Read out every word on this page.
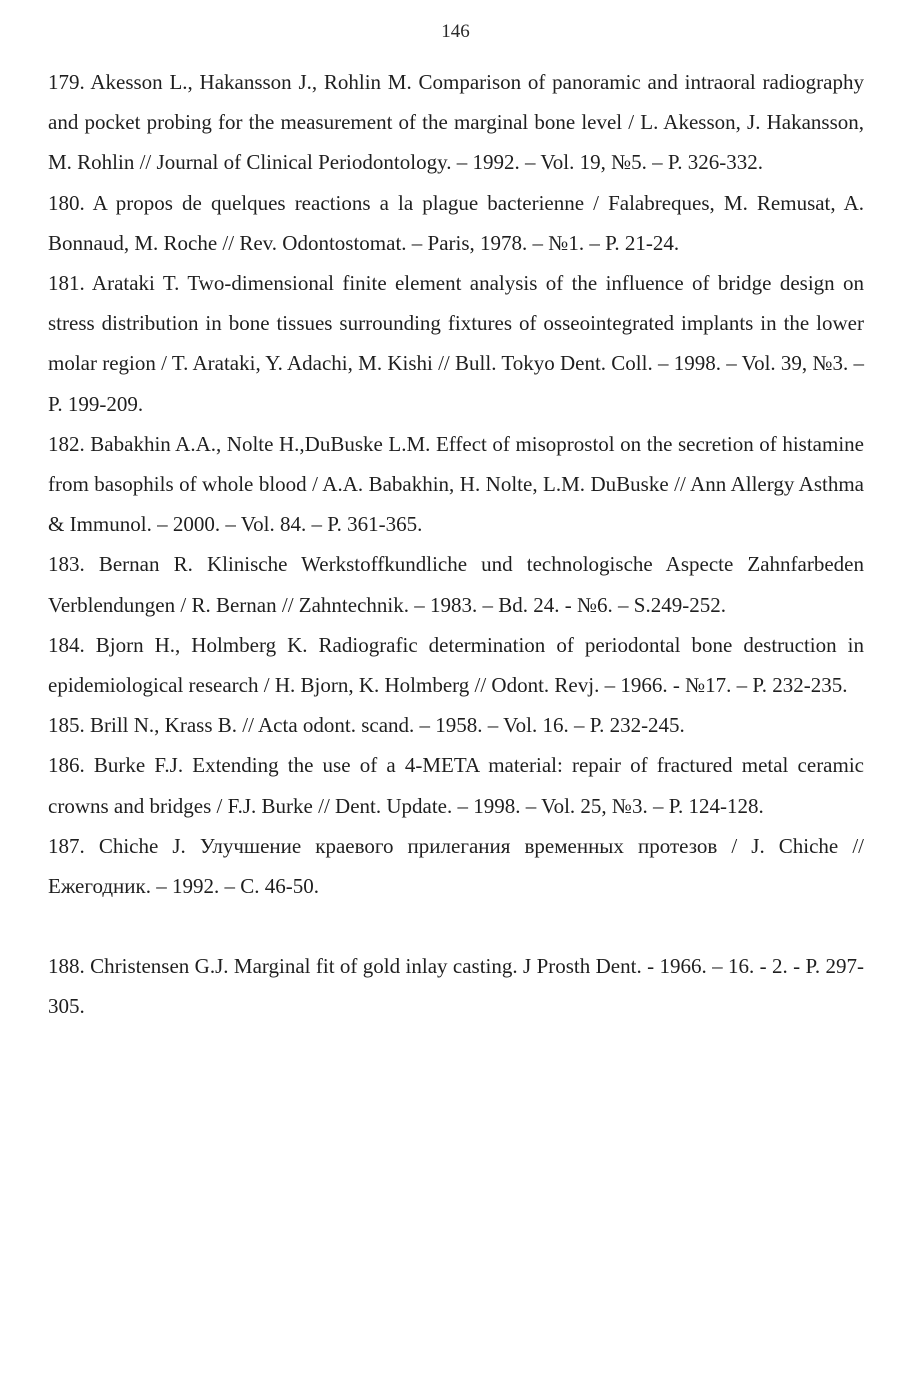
146

179. Akesson L., Hakansson J., Rohlin M. Comparison of panoramic and intraoral radiography and pocket probing for the measurement of the marginal bone level / L. Akesson, J. Hakansson, M. Rohlin // Journal of Clinical Periodontology. – 1992. – Vol. 19, №5. – P. 326-332.

180. A propos de quelques reactions a la plague bacterienne / Falabreques, M. Remusat, A. Bonnaud, M. Roche // Rev. Odontostomat. – Paris, 1978. – №1. – P. 21-24.

181. Arataki T. Two-dimensional finite element analysis of the influence of bridge design on stress distribution in bone tissues surrounding fixtures of osseointegrated implants in the lower molar region / T. Arataki, Y. Adachi, M. Kishi // Bull. Tokyo Dent. Coll. – 1998. – Vol. 39, №3. – P. 199-209.

182. Babakhin A.A., Nolte H.,DuBuske L.M. Effect of misoprostol on the secretion of histamine from basophils of whole blood / A.A. Babakhin, H. Nolte, L.M. DuBuske // Ann Allergy Asthma & Immunol. – 2000. – Vol. 84. – P. 361-365.

183. Bernan R. Klinische Werkstoffkundliche und technologische Aspecte Zahnfarbeden Verblendungen / R. Bernan // Zahntechnik. – 1983. – Bd. 24. - №6. – S.249-252.

184. Bjorn H., Holmberg K. Radiografic determination of periodontal bone destruction in epidemiological research / H. Bjorn, K. Holmberg // Odont. Revj. – 1966. - №17. – P. 232-235.

185. Brill N., Krass B. // Acta odont. scand. – 1958. – Vol. 16. – P. 232-245.

186. Burke F.J. Extending the use of a 4-META material: repair of fractured metal ceramic crowns and bridges / F.J. Burke // Dent. Update. – 1998. – Vol. 25, №3. – P. 124-128.

187. Chiche J. Улучшение краевого прилегания временных протезов / J. Chiche // Ежегодник. – 1992. – С. 46-50.

188. Christensen G.J. Marginal fit of gold inlay casting. J Prosth Dent. - 1966. – 16. - 2. - P. 297-305.
